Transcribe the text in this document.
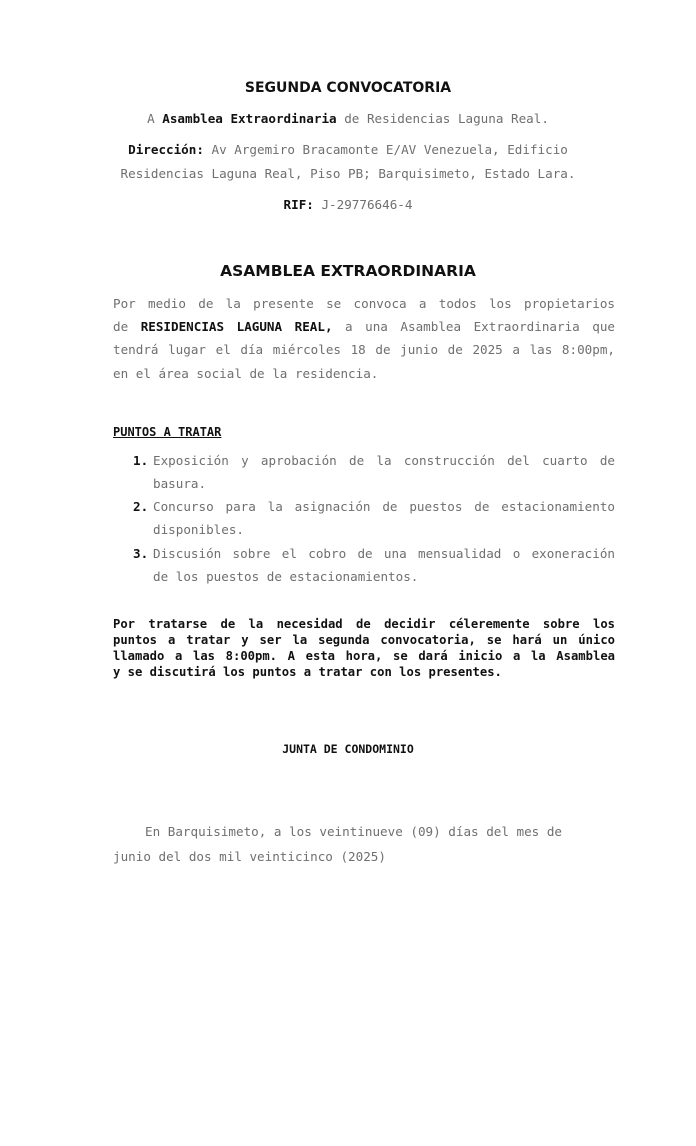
SEGUNDA CONVOCATORIA
A Asamblea Extraordinaria de Residencias Laguna Real.
Dirección: Av Argemiro Bracamonte E/AV Venezuela, Edificio
Residencias Laguna Real, Piso PB; Barquisimeto, Estado Lara.
RIF: J-29776646-4
ASAMBLEA EXTRAORDINARIA
Por medio de la presente se convoca a todos los propietarios
de RESIDENCIAS LAGUNA REAL, a una Asamblea Extraordinaria que
tendrá lugar el día miércoles 18 de junio de 2025 a las 8:00pm,
en el área social de la residencia.
PUNTOS A TRATAR
1. Exposición y aprobación de la construcción del cuarto de
basura.
2. Concurso para la asignación de puestos de estacionamiento
disponibles.
3. Discusión sobre el cobro de una mensualidad o exoneración
de los puestos de estacionamientos.
Por tratarse de la necesidad de decidir céleremente sobre los
puntos a tratar y ser la segunda convocatoria, se hará un único
llamado a las 8:00pm. A esta hora, se dará inicio a la Asamblea
y se discutirá los puntos a tratar con los presentes.
JUNTA DE CONDOMINIO
En Barquisimeto, a los veintinueve (09) días del mes de
junio del dos mil veinticinco (2025)
